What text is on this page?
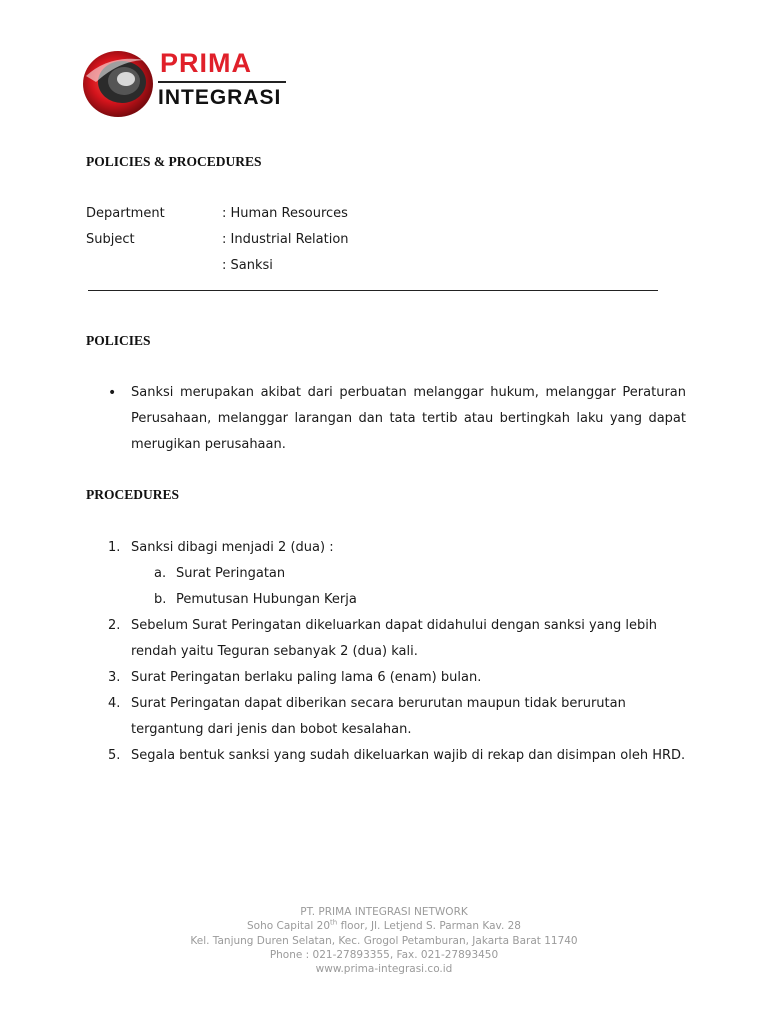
PRIMA
INTEGRASI
POLICIES & PROCEDURES
Department	: Human Resources
Subject	: Industrial Relation
: Sanksi
POLICIES
• Sanksi merupakan akibat dari perbuatan melanggar hukum, melanggar Peraturan Perusahaan, melanggar larangan dan tata tertib atau bertingkah laku yang dapat merugikan perusahaan.
PROCEDURES
1. Sanksi dibagi menjadi 2 (dua) :
a. Surat Peringatan
b. Pemutusan Hubungan Kerja
2. Sebelum Surat Peringatan dikeluarkan dapat didahului dengan sanksi yang lebih rendah yaitu Teguran sebanyak 2 (dua) kali.
3. Surat Peringatan berlaku paling lama 6 (enam) bulan.
4. Surat Peringatan dapat diberikan secara berurutan maupun tidak berurutan tergantung dari jenis dan bobot kesalahan.
5. Segala bentuk sanksi yang sudah dikeluarkan wajib di rekap dan disimpan oleh HRD.
PT. PRIMA INTEGRASI NETWORK
Soho Capital 20th floor, Jl. Letjend S. Parman Kav. 28
Kel. Tanjung Duren Selatan, Kec. Grogol Petamburan, Jakarta Barat 11740
Phone : 021-27893355, Fax. 021-27893450
www.prima-integrasi.co.id
